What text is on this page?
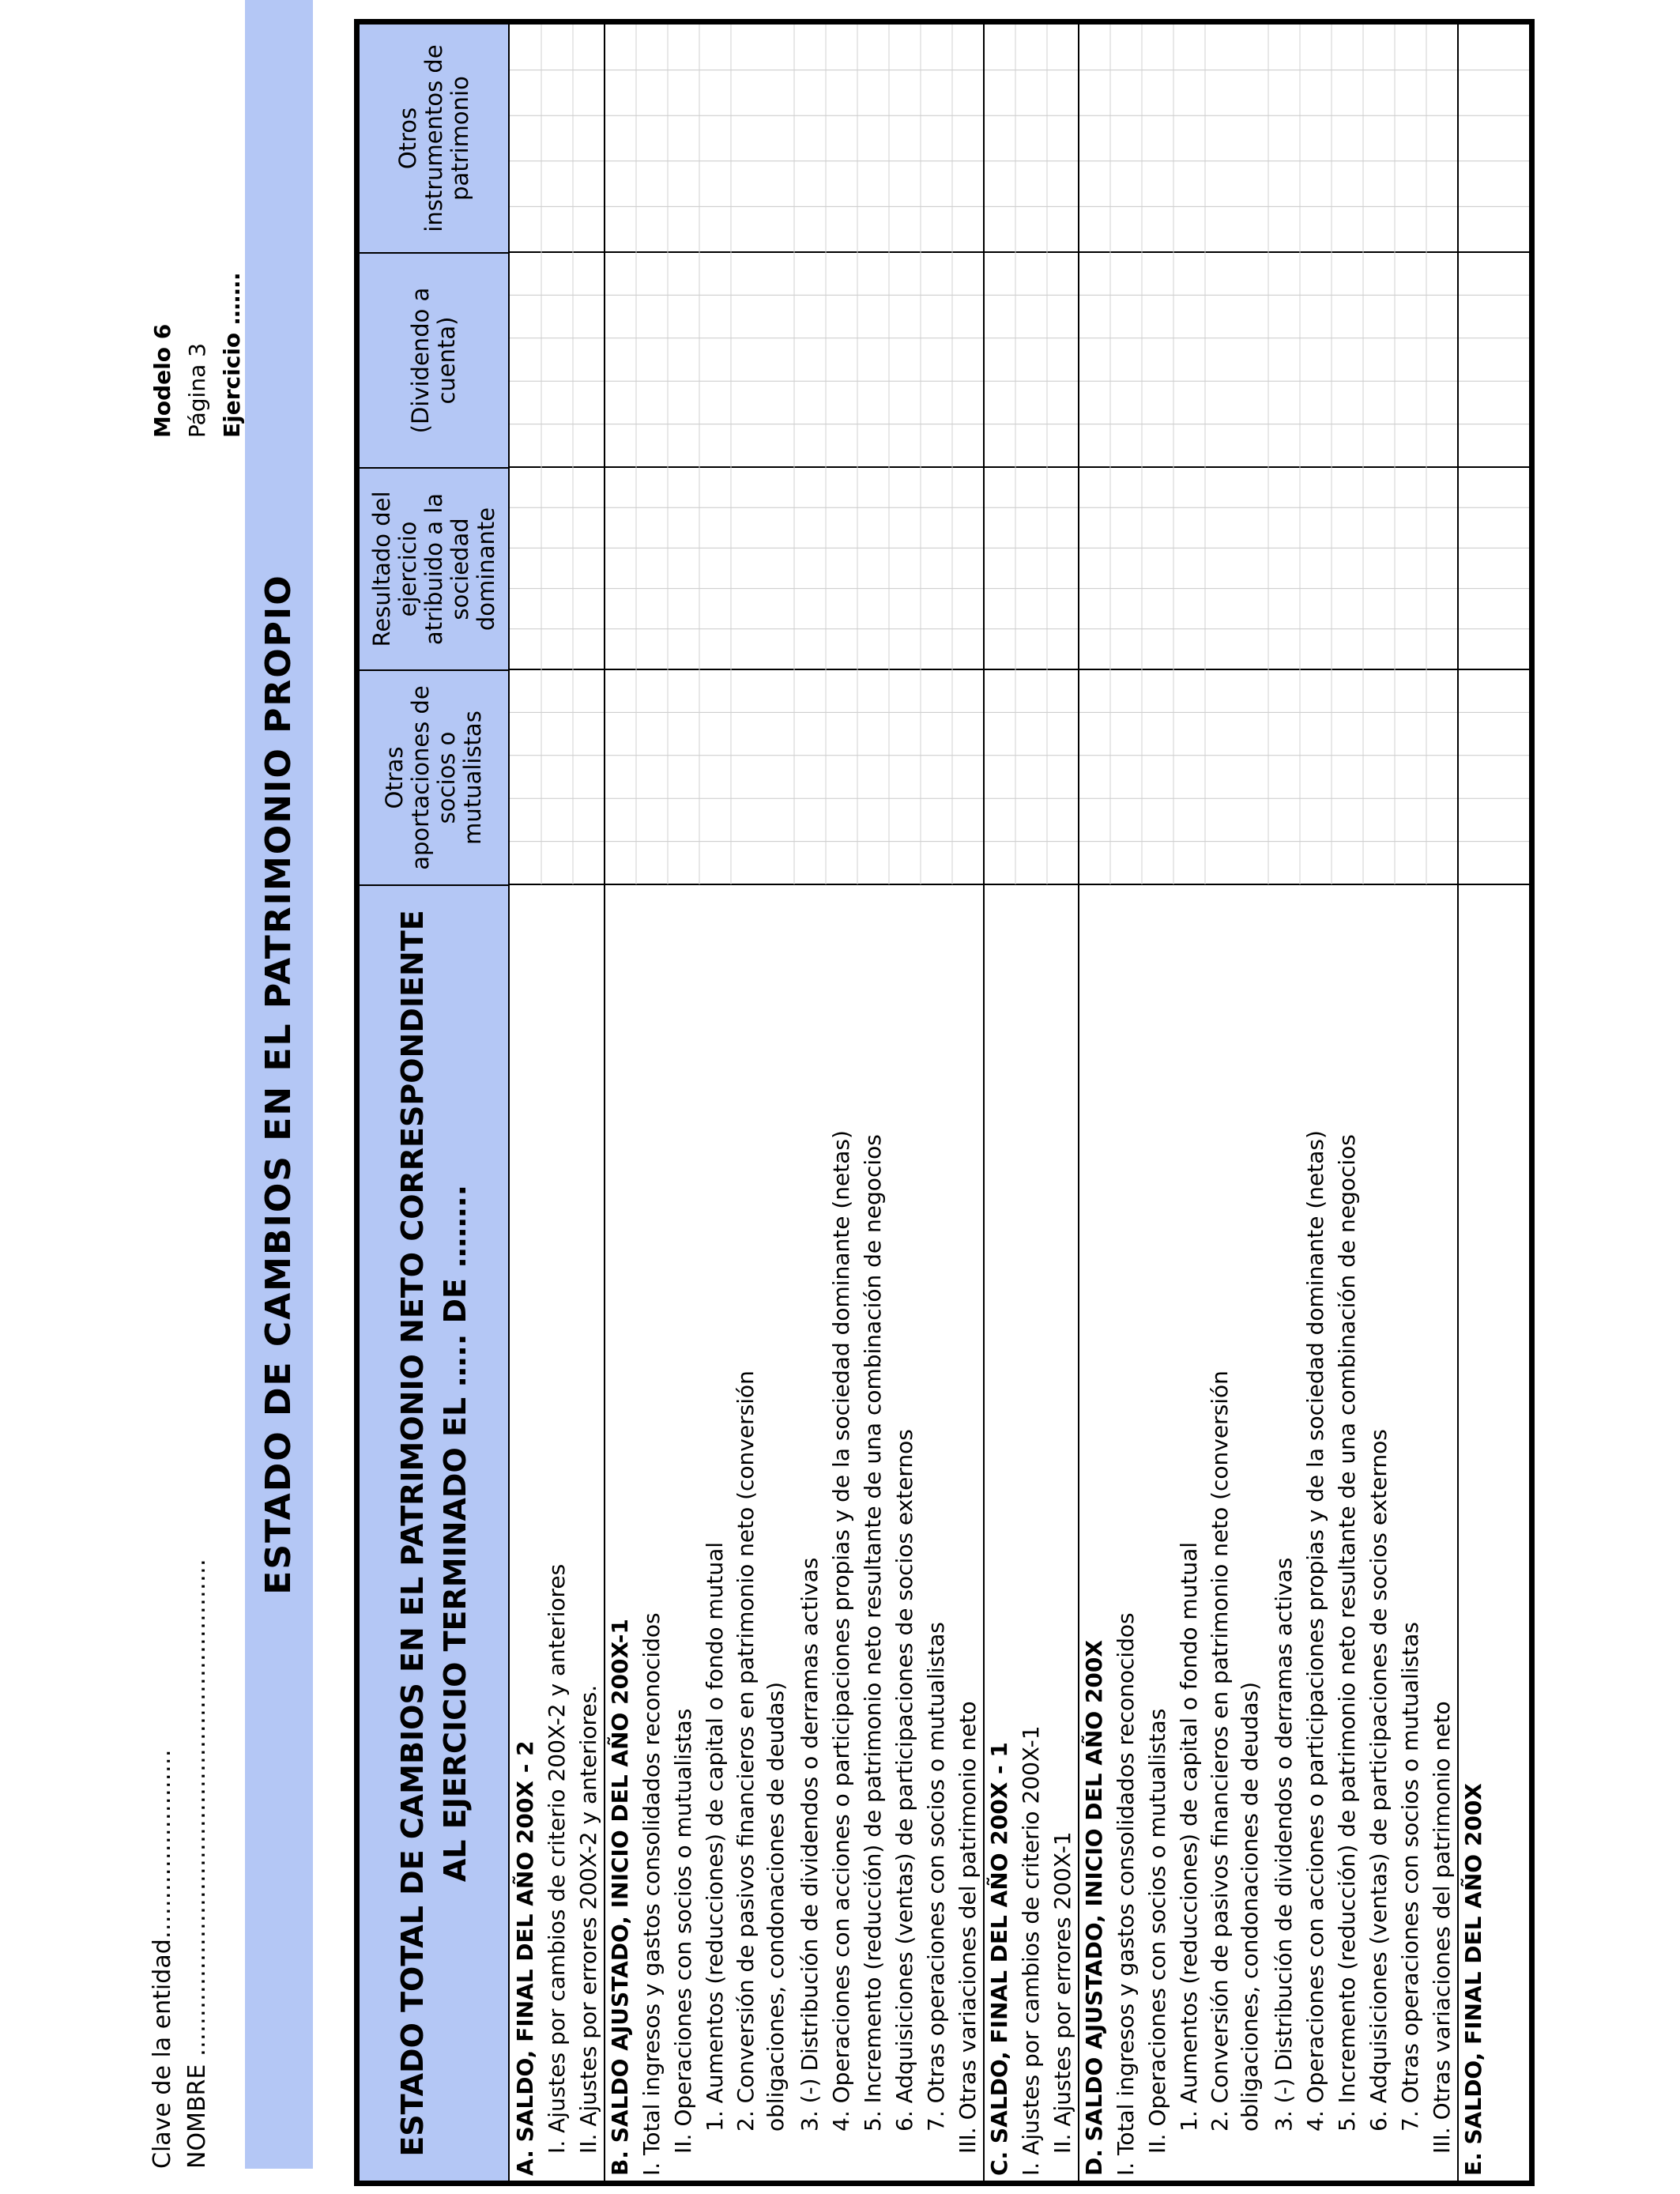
Clave de la entidad…………………… NOMBRE ………………………………………………………
Modelo 6 Página 3 Ejercicio …….
ESTADO DE CAMBIOS EN EL PATRIMONIO PROPIO	ESTADO TOTAL DE CAMBIOS EN EL PATRIMONIO NETO CORRESPONDIENTE AL EJERCICIO TERMINADO EL ….. DE ……..
Otras aportaciones de socios o mutualistas
Resultado del ejercicio atribuido a la sociedad dominante
(Dividendo a cuenta)
Otros instrumentos de patrimonio
A. SALDO, FINAL DEL AÑO 200X - 2 I. Ajustes por cambios de criterio 200X-2 y anteriores II. Ajustes por errores 200X-2 y anteriores. B. SALDO AJUSTADO, INICIO DEL AÑO 200X-1 I. Total ingresos y gastos consolidados reconocidos II. Operaciones con socios o mutualistas 1. Aumentos (reducciones) de capital o fondo mutual 2. Conversión de pasivos financieros en patrimonio neto (conversión obligaciones, condonaciones de deudas) 3. (-) Distribución de dividendos o derramas activas 4. Operaciones con acciones o participaciones propias y de la sociedad dominante (netas) 5. Incremento (reducción) de patrimonio neto resultante de una combinación de negocios 6. Adquisiciones (ventas) de participaciones de socios externos 7. Otras operaciones con socios o mutualistas III. Otras variaciones del patrimonio neto C. SALDO, FINAL DEL AÑO 200X - 1 I. Ajustes por cambios de criterio 200X-1 II. Ajustes por errores 200X-1 D. SALDO AJUSTADO, INICIO DEL AÑO 200X I. Total ingresos y gastos consolidados reconocidos II. Operaciones con socios o mutualistas 1. Aumentos (reducciones) de capital o fondo mutual 2. Conversión de pasivos financieros en patrimonio neto (conversión obligaciones, condonaciones de deudas) 3. (-) Distribución de dividendos o derramas activas 4. Operaciones con acciones o participaciones propias y de la sociedad dominante (netas) 5. Incremento (reducción) de patrimonio neto resultante de una combinación de negocios 6. Adquisiciones (ventas) de participaciones de socios externos 7. Otras operaciones con socios o mutualistas III. Otras variaciones del patrimonio neto E. SALDO, FINAL DEL AÑO 200X
